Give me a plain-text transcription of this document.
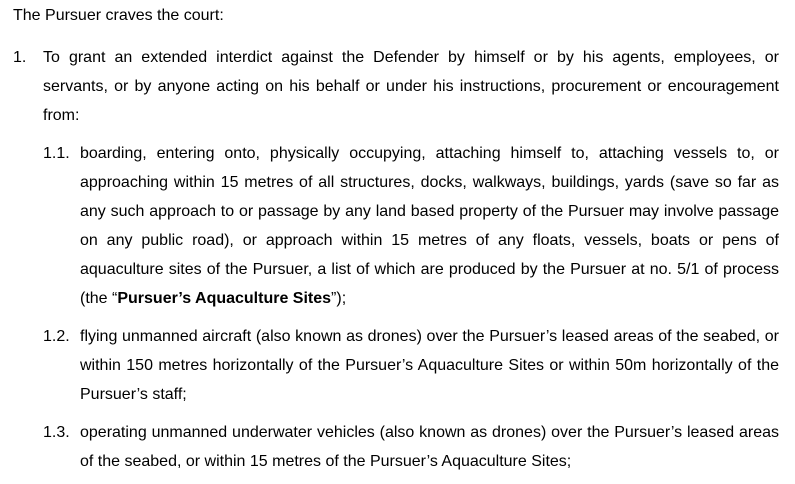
The Pursuer craves the court:

1. To grant an extended interdict against the Defender by himself or by his agents, employees, or servants, or by anyone acting on his behalf or under his instructions, procurement or encouragement from:
1.1. boarding, entering onto, physically occupying, attaching himself to, attaching vessels to, or approaching within 15 metres of all structures, docks, walkways, buildings, yards (save so far as any such approach to or passage by any land based property of the Pursuer may involve passage on any public road), or approach within 15 metres of any floats, vessels, boats or pens of aquaculture sites of the Pursuer, a list of which are produced by the Pursuer at no. 5/1 of process (the “Pursuer’s Aquaculture Sites”);
1.2. flying unmanned aircraft (also known as drones) over the Pursuer’s leased areas of the seabed, or within 150 metres horizontally of the Pursuer’s Aquaculture Sites or within 50m horizontally of the Pursuer’s staff;
1.3. operating unmanned underwater vehicles (also known as drones) over the Pursuer’s leased areas of the seabed, or within 15 metres of the Pursuer’s Aquaculture Sites;
